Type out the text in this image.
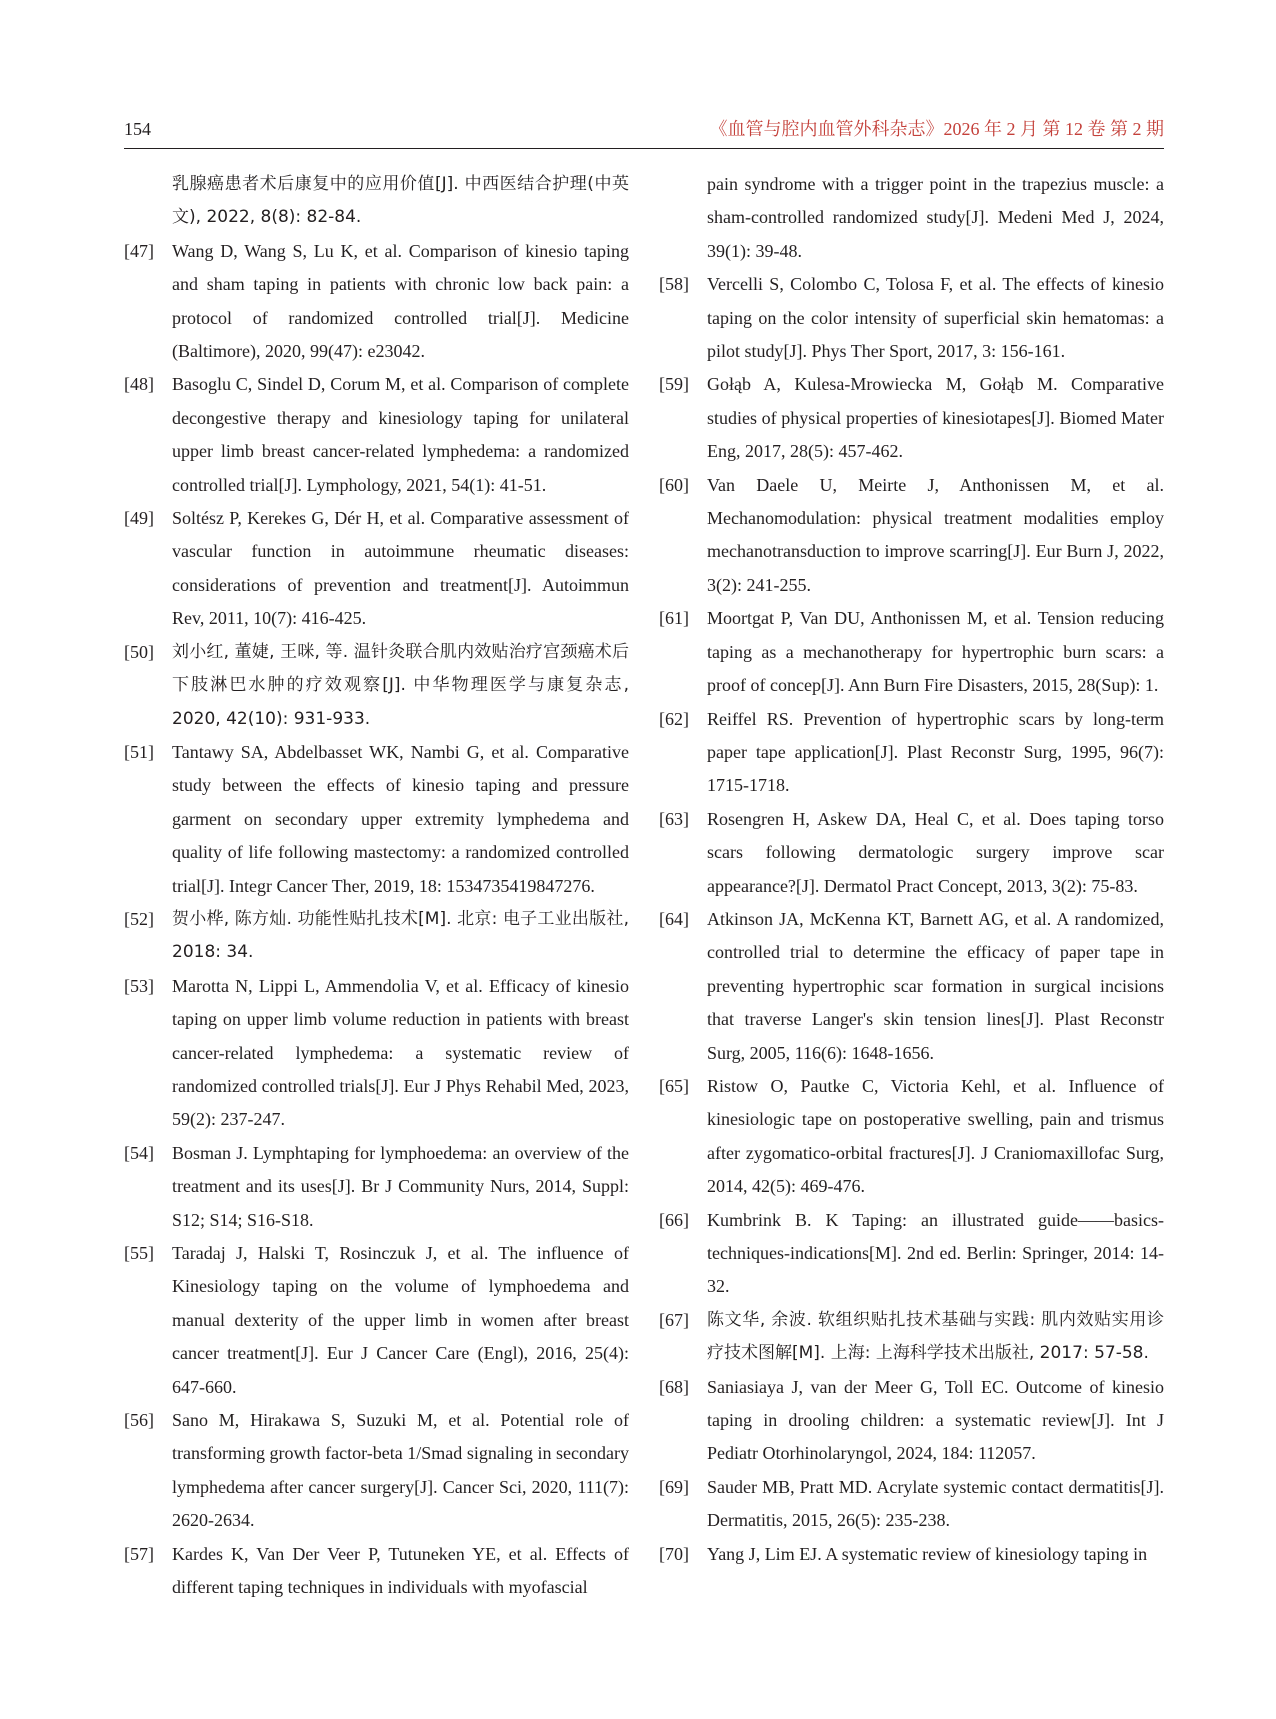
154	《血管与腔内血管外科杂志》2026 年 2 月 第 12 卷 第 2 期
乳腺癌患者术后康复中的应用价值[J]. 中西医结合护理(中英文), 2022, 8(8): 82-84.
[47]	Wang D, Wang S, Lu K, et al. Comparison of kinesio taping and sham taping in patients with chronic low back pain: a protocol of randomized controlled trial[J]. Medicine (Baltimore), 2020, 99(47): e23042.
[48]	Basoglu C, Sindel D, Corum M, et al. Comparison of complete decongestive therapy and kinesiology taping for unilateral upper limb breast cancer-related lymphedema: a randomized controlled trial[J]. Lymphology, 2021, 54(1): 41-51.
[49]	Soltész P, Kerekes G, Dér H, et al. Comparative assessment of vascular function in autoimmune rheumatic diseases: considerations of prevention and treatment[J]. Autoimmun Rev, 2011, 10(7): 416-425.
[50]	刘小红, 董婕, 王咪, 等. 温针灸联合肌内效贴治疗宫颈癌术后下肢淋巴水肿的疗效观察[J]. 中华物理医学与康复杂志, 2020, 42(10): 931-933.
[51]	Tantawy SA, Abdelbasset WK, Nambi G, et al. Comparative study between the effects of kinesio taping and pressure garment on secondary upper extremity lymphedema and quality of life following mastectomy: a randomized controlled trial[J]. Integr Cancer Ther, 2019, 18: 1534735419847276.
[52]	贺小桦, 陈方灿. 功能性贴扎技术[M]. 北京: 电子工业出版社, 2018: 34.
[53]	Marotta N, Lippi L, Ammendolia V, et al. Efficacy of kinesio taping on upper limb volume reduction in patients with breast cancer-related lymphedema: a systematic review of randomized controlled trials[J]. Eur J Phys Rehabil Med, 2023, 59(2): 237-247.
[54]	Bosman J. Lymphtaping for lymphoedema: an overview of the treatment and its uses[J]. Br J Community Nurs, 2014, Suppl: S12; S14; S16-S18.
[55]	Taradaj J, Halski T, Rosinczuk J, et al. The influence of Kinesiology taping on the volume of lymphoedema and manual dexterity of the upper limb in women after breast cancer treatment[J]. Eur J Cancer Care (Engl), 2016, 25(4): 647-660.
[56]	Sano M, Hirakawa S, Suzuki M, et al. Potential role of transforming growth factor-beta 1/Smad signaling in secondary lymphedema after cancer surgery[J]. Cancer Sci, 2020, 111(7): 2620-2634.
[57]	Kardes K, Van Der Veer P, Tutuneken YE, et al. Effects of different taping techniques in individuals with myofascial
pain syndrome with a trigger point in the trapezius muscle: a sham-controlled randomized study[J]. Medeni Med J, 2024, 39(1): 39-48.
[58]	Vercelli S, Colombo C, Tolosa F, et al. The effects of kinesio taping on the color intensity of superficial skin hematomas: a pilot study[J]. Phys Ther Sport, 2017, 3: 156-161.
[59]	Gołąb A, Kulesa-Mrowiecka M, Gołąb M. Comparative studies of physical properties of kinesiotapes[J]. Biomed Mater Eng, 2017, 28(5): 457-462.
[60]	Van Daele U, Meirte J, Anthonissen M, et al. Mechanomodulation: physical treatment modalities employ mechanotransduction to improve scarring[J]. Eur Burn J, 2022, 3(2): 241-255.
[61]	Moortgat P, Van DU, Anthonissen M, et al. Tension reducing taping as a mechanotherapy for hypertrophic burn scars: a proof of concep[J]. Ann Burn Fire Disasters, 2015, 28(Sup): 1.
[62]	Reiffel RS. Prevention of hypertrophic scars by long-term paper tape application[J]. Plast Reconstr Surg, 1995, 96(7): 1715-1718.
[63]	Rosengren H, Askew DA, Heal C, et al. Does taping torso scars following dermatologic surgery improve scar appearance?[J]. Dermatol Pract Concept, 2013, 3(2): 75-83.
[64]	Atkinson JA, McKenna KT, Barnett AG, et al. A randomized, controlled trial to determine the efficacy of paper tape in preventing hypertrophic scar formation in surgical incisions that traverse Langer's skin tension lines[J]. Plast Reconstr Surg, 2005, 116(6): 1648-1656.
[65]	Ristow O, Pautke C, Victoria Kehl, et al. Influence of kinesiologic tape on postoperative swelling, pain and trismus after zygomatico-orbital fractures[J]. J Craniomaxillofac Surg, 2014, 42(5): 469-476.
[66]	Kumbrink B. K Taping: an illustrated guide——basics-techniques-indications[M]. 2nd ed. Berlin: Springer, 2014: 14-32.
[67]	陈文华, 余波. 软组织贴扎技术基础与实践: 肌内效贴实用诊疗技术图解[M]. 上海: 上海科学技术出版社, 2017: 57-58.
[68]	Saniasiaya J, van der Meer G, Toll EC. Outcome of kinesio taping in drooling children: a systematic review[J]. Int J Pediatr Otorhinolaryngol, 2024, 184: 112057.
[69]	Sauder MB, Pratt MD. Acrylate systemic contact dermatitis[J]. Dermatitis, 2015, 26(5): 235-238.
[70]	Yang J, Lim EJ. A systematic review of kinesiology taping in
